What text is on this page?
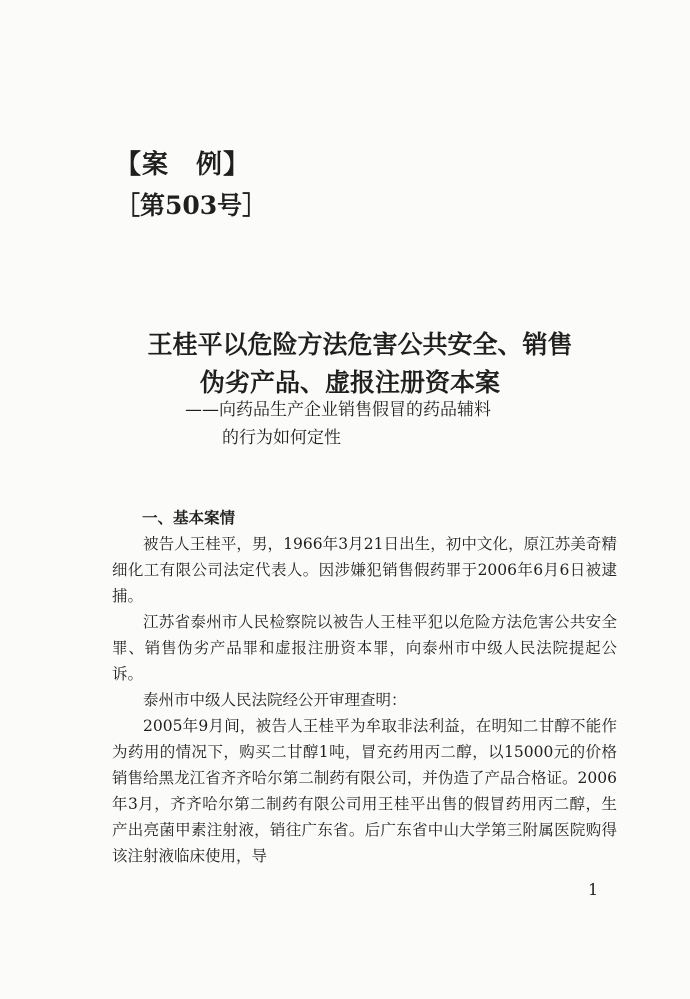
【案　例】
［第503号］
王桂平以危险方法危害公共安全、销售
伪劣产品、虚报注册资本案
——向药品生产企业销售假冒的药品辅料
的行为如何定性
一、基本案情

被告人王桂平，男，1966年3月21日出生，初中文化，原江苏美奇精细化工有限公司法定代表人。因涉嫌犯销售假药罪于2006年6月6日被逮捕。

江苏省泰州市人民检察院以被告人王桂平犯以危险方法危害公共安全罪、销售伪劣产品罪和虚报注册资本罪，向泰州市中级人民法院提起公诉。

泰州市中级人民法院经公开审理查明：

2005年9月间，被告人王桂平为牟取非法利益，在明知二甘醇不能作为药用的情况下，购买二甘醇1吨，冒充药用丙二醇，以15000元的价格销售给黑龙江省齐齐哈尔第二制药有限公司，并伪造了产品合格证。2006年3月，齐齐哈尔第二制药有限公司用王桂平出售的假冒药用丙二醇，生产出亮菌甲素注射液，销往广东省。后广东省中山大学第三附属医院购得该注射液临床使用，导

1
